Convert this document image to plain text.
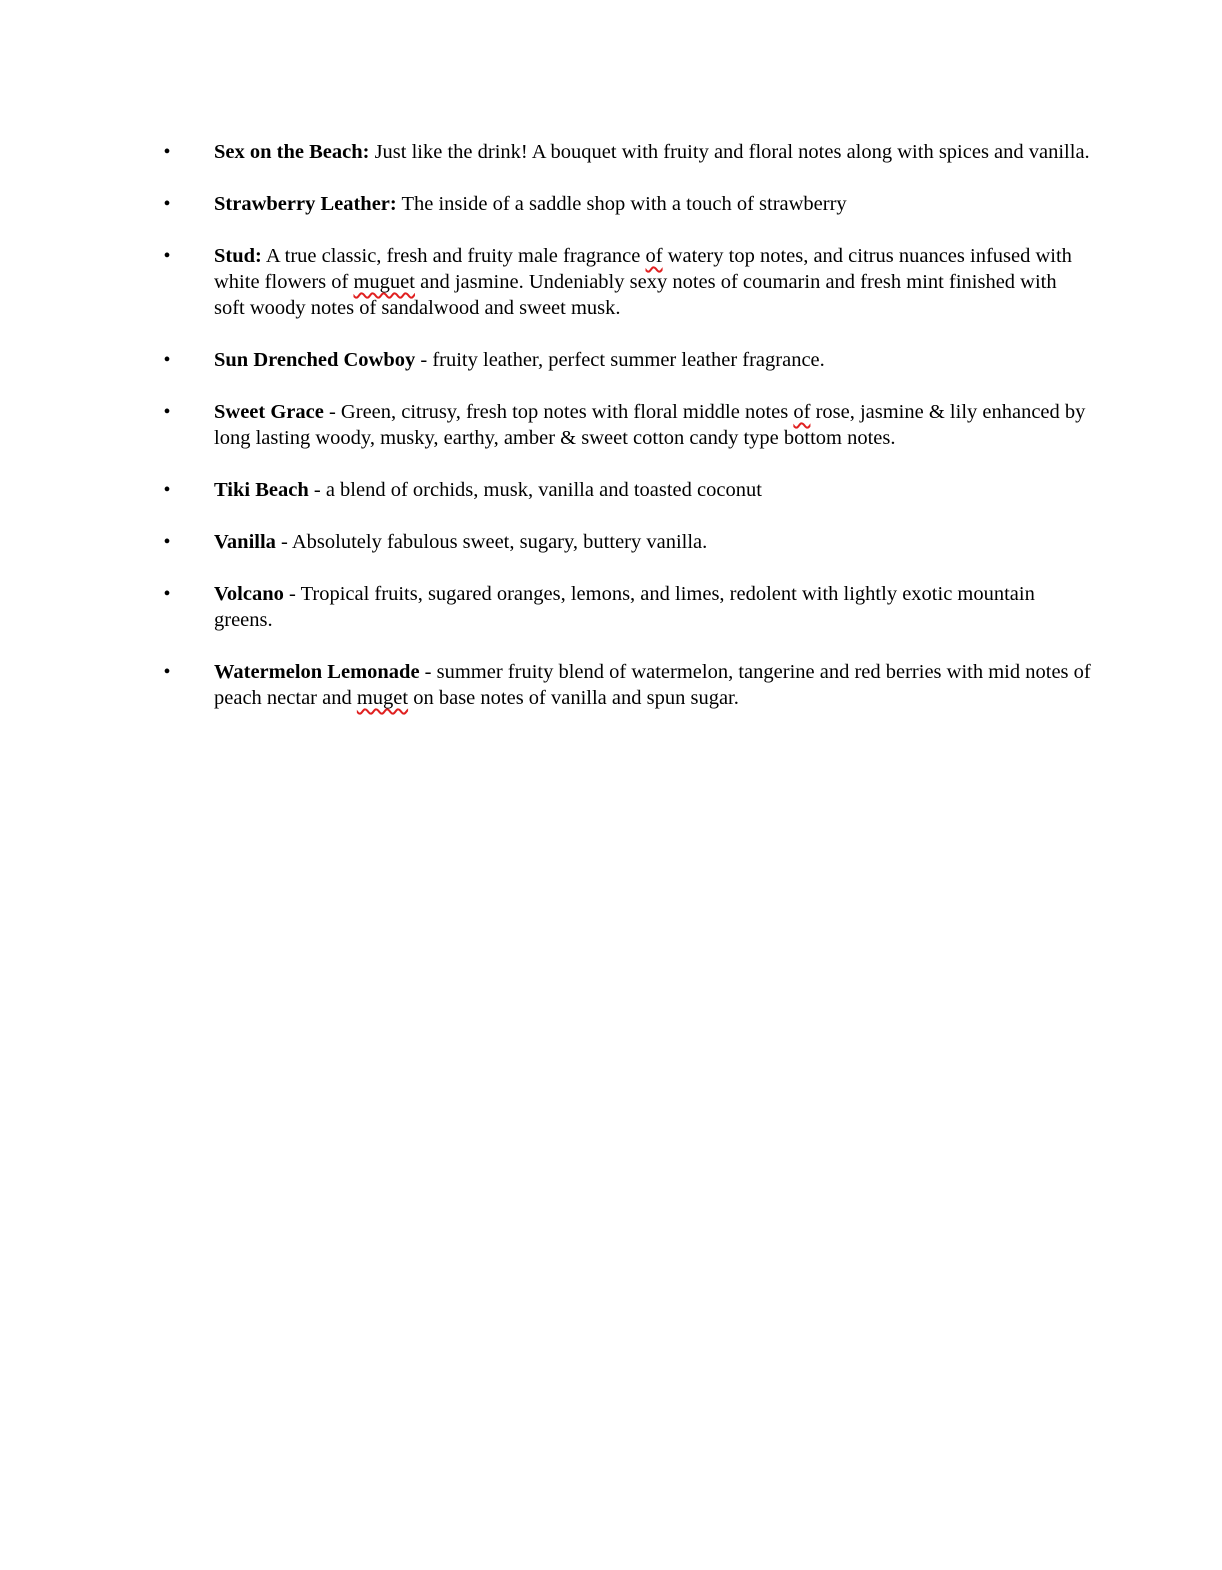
• Sex on the Beach: Just like the drink! A bouquet with fruity and floral notes along with spices and vanilla.
• Strawberry Leather: The inside of a saddle shop with a touch of strawberry
• Stud: A true classic, fresh and fruity male fragrance of watery top notes, and citrus nuances infused with white flowers of muguet and jasmine. Undeniably sexy notes of coumarin and fresh mint finished with soft woody notes of sandalwood and sweet musk.
• Sun Drenched Cowboy - fruity leather, perfect summer leather fragrance.
• Sweet Grace - Green, citrusy, fresh top notes with floral middle notes of rose, jasmine & lily enhanced by long lasting woody, musky, earthy, amber & sweet cotton candy type bottom notes.
• Tiki Beach - a blend of orchids, musk, vanilla and toasted coconut
• Vanilla - Absolutely fabulous sweet, sugary, buttery vanilla.
• Volcano - Tropical fruits, sugared oranges, lemons, and limes, redolent with lightly exotic mountain greens.
• Watermelon Lemonade - summer fruity blend of watermelon, tangerine and red berries with mid notes of peach nectar and muget on base notes of vanilla and spun sugar.
